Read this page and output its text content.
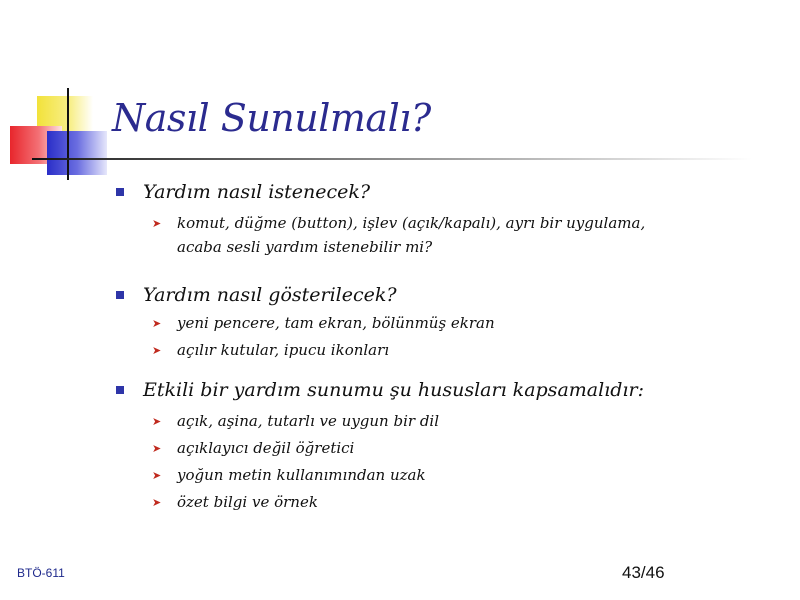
Nasıl Sunulmalı?
Yardım nasıl istenecek?
➤ komut, düğme (button), işlev (açık/kapalı), ayrı bir uygulama, acaba sesli yardım istenebilir mi?
Yardım nasıl gösterilecek?
➤ yeni pencere, tam ekran, bölünmüş ekran
➤ açılır kutular, ipucu ikonları
Etkili bir yardım sunumu şu hususları kapsamalıdır:
➤ açık, aşina, tutarlı ve uygun bir dil
➤ açıklayıcı değil öğretici
➤ yoğun metin kullanımından uzak
➤ özet bilgi ve örnek
BTÖ-611	43/46
